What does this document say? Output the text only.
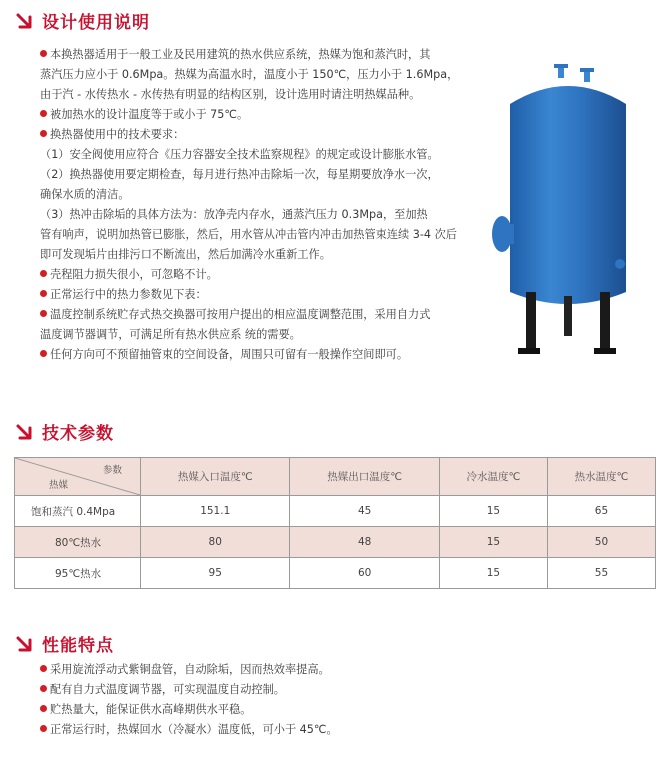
设计使用说明
本换热器适用于一般工业及民用建筑的热水供应系统，热媒为饱和蒸汽时，其
蒸汽压力应小于 0.6Mpa。热媒为高温水时，温度小于 150℃，压力小于 1.6Mpa，
由于汽 - 水传热水 - 水传热有明显的结构区别，设计选用时请注明热媒品种。
被加热水的设计温度等于或小于 75℃。
换热器使用中的技术要求：
（1）安全阀使用应符合《压力容器安全技术监察规程》的规定或设计膨胀水管。
（2）换热器使用要定期检查，每月进行热冲击除垢一次，每星期要放净水一次，
确保水质的清洁。
（3）热冲击除垢的具体方法为：放净壳内存水，通蒸汽压力 0.3Mpa，至加热
管有响声，说明加热管已膨胀，然后，用水管从冲击管内冲击加热管束连续 3-4 次后
即可发现垢片由排污口不断流出，然后加满冷水重新工作。
壳程阻力损失很小，可忽略不计。
正常运行中的热力参数见下表：
温度控制系统贮存式热交换器可按用户提出的相应温度调整范围，采用自力式
温度调节器调节，可满足所有热水供应系 统的需要。
任何方向可不预留抽管束的空间设备，周围只可留有一般操作空间即可。
技术参数
参数
热媒	热媒入口温度℃	热媒出口温度℃	冷水温度℃	热水温度℃
饱和蒸汽 0.4Mpa	151.1	45	15	65
80℃热水	80	48	15	50
95℃热水	95	60	15	55
性能特点
采用旋流浮动式紫铜盘管，自动除垢，因而热效率提高。
配有自力式温度调节器，可实现温度自动控制。
贮热量大，能保证供水高峰期供水平稳。
正常运行时，热媒回水（冷凝水）温度低，可小于 45℃。
